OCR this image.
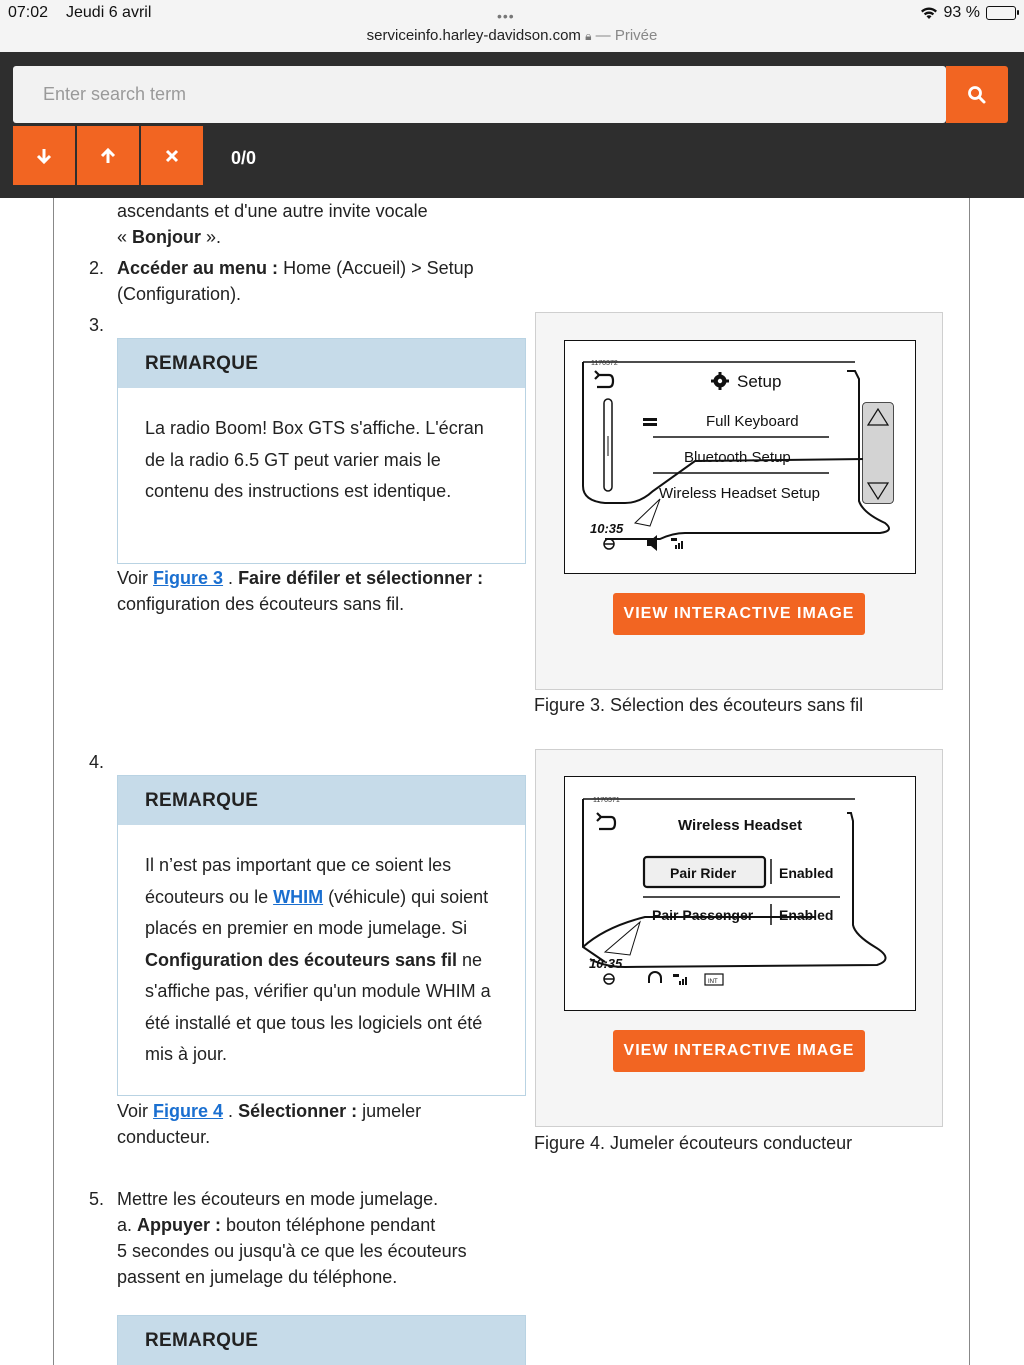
07:02 Jeudi 6 avril	•••
serviceinfo.harley-davidson.com 🔒︎ — Privée
93 %
Enter search term
0/0
ascendants et d'une autre invite vocale
« Bonjour ».
2. Accéder au menu : Home (Accueil) > Setup
(Configuration).
3.
REMARQUE
La radio Boom! Box GTS s'affiche. L'écran de la radio 6.5 GT peut varier mais le contenu des instructions est identique.
Voir Figure 3 . Faire défiler et sélectionner :
configuration des écouteurs sans fil.
1170372
Setup
Full Keyboard
Bluetooth Setup
Wireless Headset Setup
10:35
VIEW INTERACTIVE IMAGE
Figure 3. Sélection des écouteurs sans fil
4.
REMARQUE
Il n’est pas important que ce soient les écouteurs ou le WHIM (véhicule) qui soient placés en premier en mode jumelage. Si Configuration des écouteurs sans fil ne s'affiche pas, vérifier qu'un module WHIM a été installé et que tous les logiciels ont été mis à jour.
Voir Figure 4 . Sélectionner : jumeler
conducteur.
1170371
Wireless Headset
Pair Rider	Enabled
Pair Passenger Enabled
10:35
INT
VIEW INTERACTIVE IMAGE
Figure 4. Jumeler écouteurs conducteur
5. Mettre les écouteurs en mode jumelage.
a. Appuyer : bouton téléphone pendant
5 secondes ou jusqu'à ce que les écouteurs
passent en jumelage du téléphone.
REMARQUE
